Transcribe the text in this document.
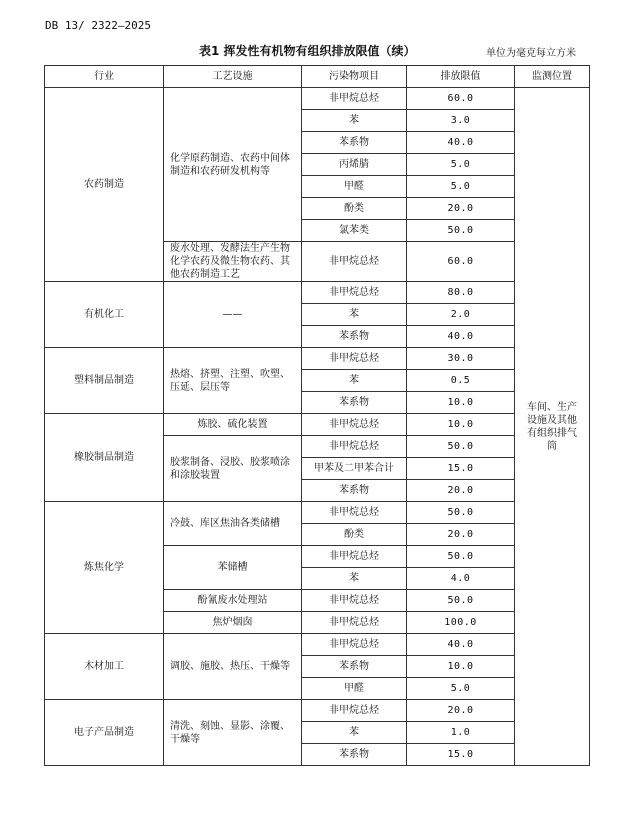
DB 13/ 2322—2025
表1 挥发性有机物有组织排放限值（续）	单位为毫克每立方米
行业	工艺设施	污染物项目	排放限值	监测位置
农药制造	化学原药制造、农药中间体制造和农药研发机构等	非甲烷总烃	60.0	车间、生产设施及其他有组织排气筒
		苯	3.0	
		苯系物	40.0	
		丙烯腈	5.0	
		甲醛	5.0	
		酚类	20.0	
		氯苯类	50.0	
	废水处理、发酵法生产生物化学农药及微生物农药、其他农药制造工艺	非甲烷总烃	60.0	
有机化工	——	非甲烷总烃	80.0	
		苯	2.0	
		苯系物	40.0	
塑料制品制造	热熔、挤塑、注塑、吹塑、压延、层压等	非甲烷总烃	30.0	
		苯	0.5	
		苯系物	10.0	
橡胶制品制造	炼胶、硫化装置	非甲烷总烃	10.0	
	胶浆制备、浸胶、胶浆喷涂和涂胶装置	非甲烷总烃	50.0	
		甲苯及二甲苯合计	15.0	
		苯系物	20.0	
炼焦化学	冷鼓、库区焦油各类储槽	非甲烷总烃	50.0	
		酚类	20.0	
	苯储槽	非甲烷总烃	50.0	
		苯	4.0	
	酚氰废水处理站	非甲烷总烃	50.0	
	焦炉烟囱	非甲烷总烃	100.0	
木材加工	调胶、施胶、热压、干燥等	非甲烷总烃	40.0	
		苯系物	10.0	
		甲醛	5.0	
电子产品制造	清洗、刻蚀、显影、涂覆、干燥等	非甲烷总烃	20.0	
		苯	1.0	
		苯系物	15.0	
